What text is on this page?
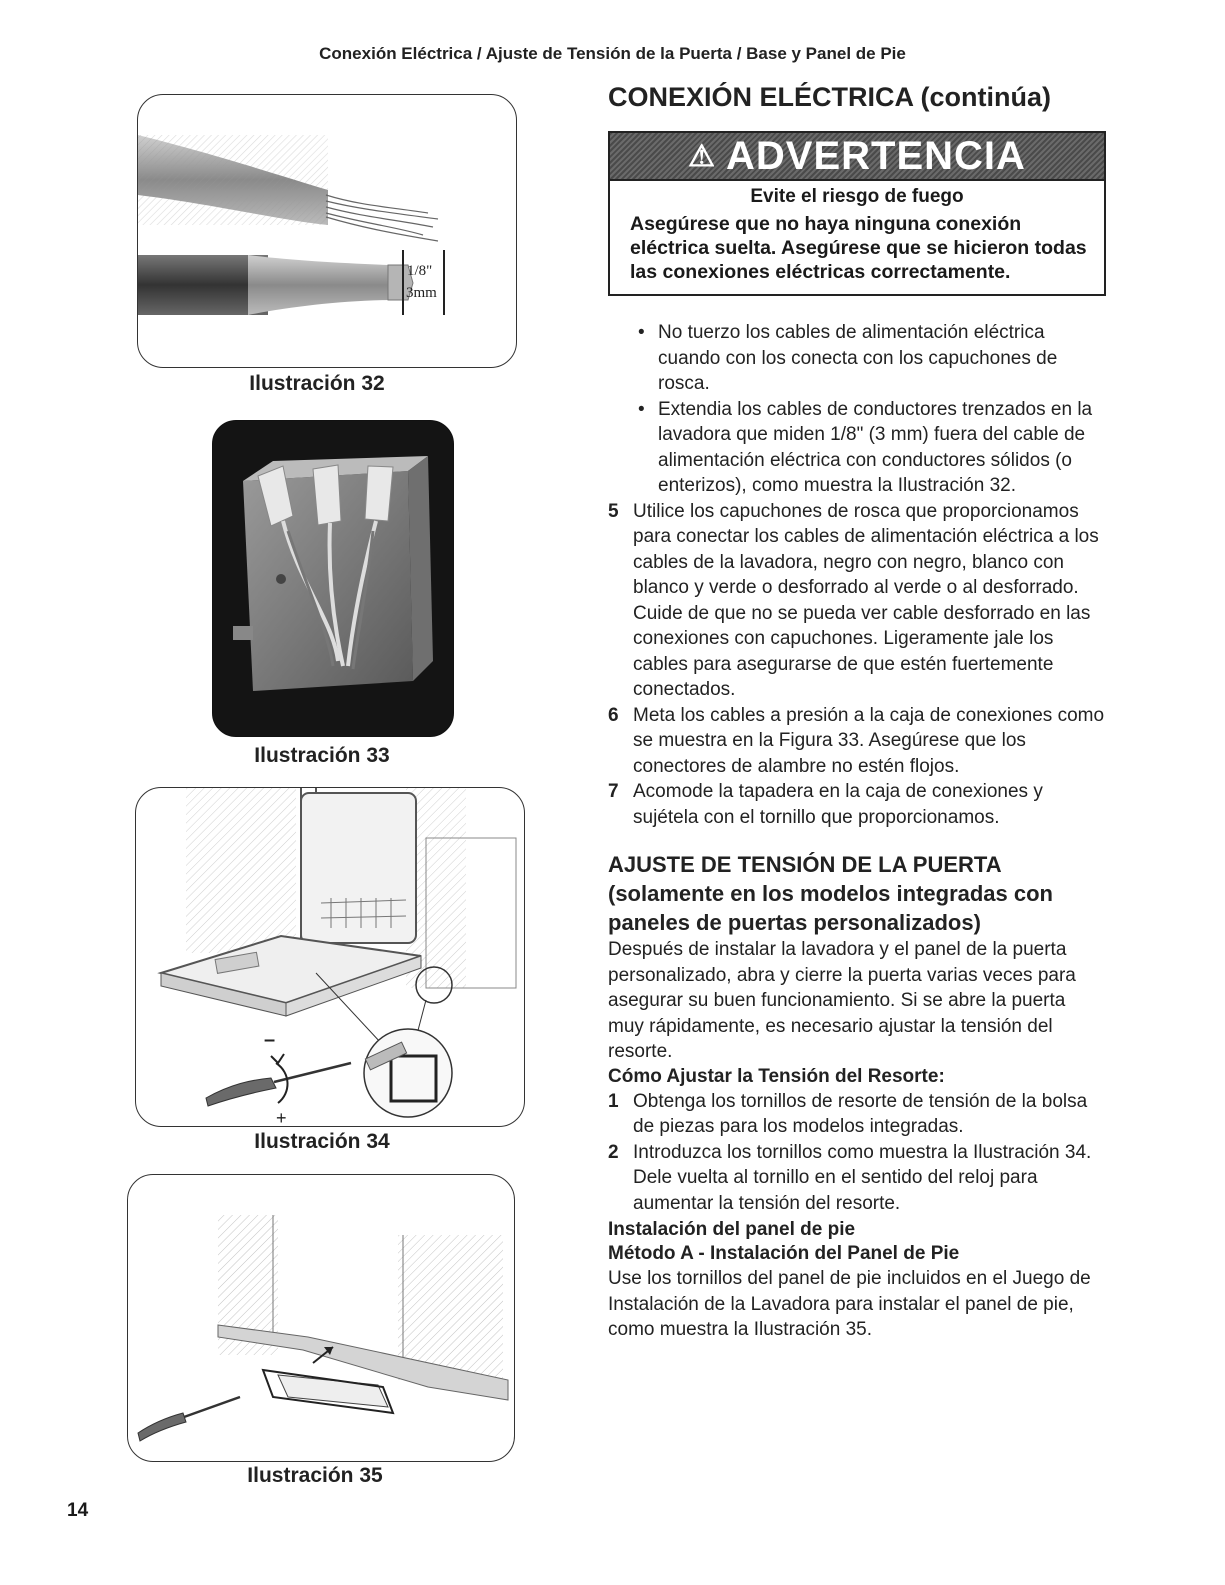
Conexión Eléctrica / Ajuste de Tensión de la Puerta / Base y Panel de Pie
1/8"
3mm
Ilustración 32
Ilustración 33
–
+
Ilustración 34
Ilustración 35
14
CONEXIÓN ELÉCTRICA (continúa)
⚠ ADVERTENCIA
Evite el riesgo de fuego
Asegúrese que no haya ninguna conexión eléctrica suelta. Asegúrese que se hicieron todas las conexiones eléctricas correctamente.
• No tuerzo los cables de alimentación eléctrica cuando con los conecta con los capuchones de rosca.
• Extendia los cables de conductores trenzados en la lavadora que miden 1/8" (3 mm) fuera del cable de alimentación eléctrica con conductores sólidos (o enterizos), como muestra la Ilustración 32.
5 Utilice los capuchones de rosca que proporcionamos para conectar los cables de alimentación eléctrica a los cables de la lavadora, negro con negro, blanco con blanco y verde o desforrado al verde o al desforrado. Cuide de que no se pueda ver cable desforrado en las conexiones con capuchones. Ligeramente jale los cables para asegurarse de que estén fuertemente conectados.
6 Meta los cables a presión a la caja de conexiones como se muestra en la Figura 33. Asegúrese que los conectores de alambre no estén flojos.
7 Acomode la tapadera en la caja de conexiones y sujétela con el tornillo que proporcionamos.
AJUSTE DE TENSIÓN DE LA PUERTA
(solamente en los modelos integradas con paneles de puertas personalizados)
Después de instalar la lavadora y el panel de la puerta personalizado, abra y cierre la puerta varias veces para asegurar su buen funcionamiento. Si se abre la puerta muy rápidamente, es necesario ajustar la tensión del resorte.
Cómo Ajustar la Tensión del Resorte:
1 Obtenga los tornillos de resorte de tensión de la bolsa de piezas para los modelos integradas.
2 Introduzca los tornillos como muestra la Ilustración 34. Dele vuelta al tornillo en el sentido del reloj para aumentar la tensión del resorte.
Instalación del panel de pie
Método A - Instalación del Panel de Pie
Use los tornillos del panel de pie incluidos en el Juego de Instalación de la Lavadora para instalar el panel de pie, como muestra la Ilustración 35.
